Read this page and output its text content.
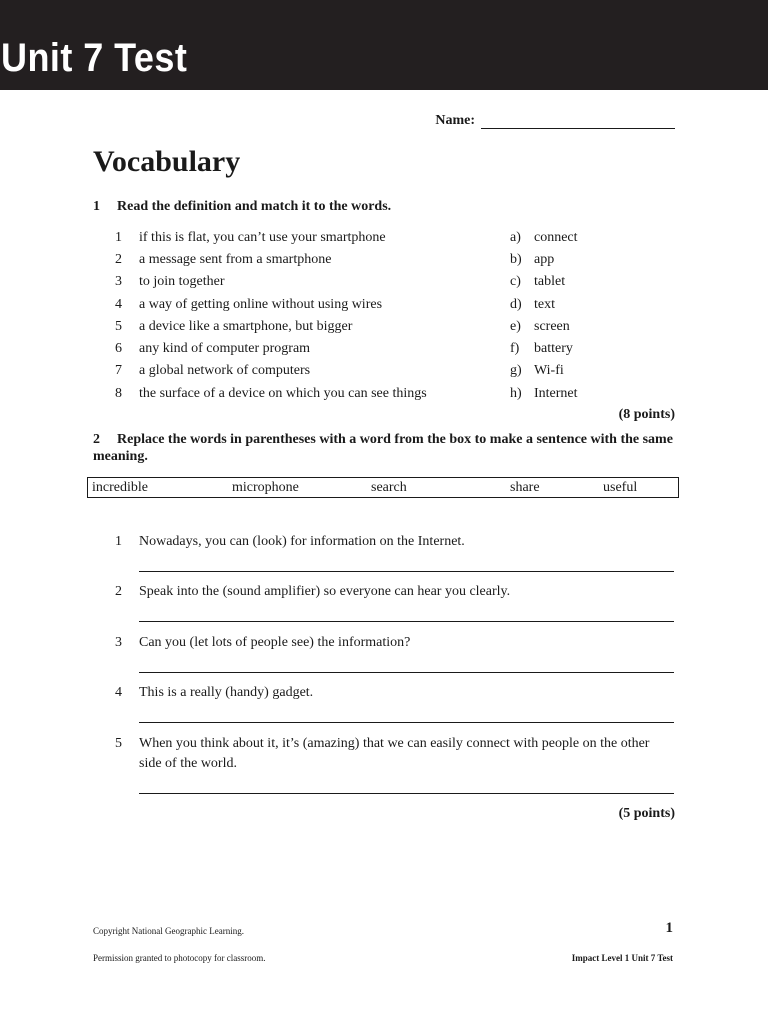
Unit 7 Test
Name:
Vocabulary
1 Read the definition and match it to the words.
1 if this is flat, you can’t use your smartphone	a) connect
2 a message sent from a smartphone	b) app
3 to join together	c) tablet
4 a way of getting online without using wires	d) text
5 a device like a smartphone, but bigger	e) screen
6 any kind of computer program	f) battery
7 a global network of computers	g) Wi-fi
8 the surface of a device on which you can see things	h) Internet
(8 points)
2 Replace the words in parentheses with a word from the box to make a sentence with the same meaning.
incredible	microphone	search	share	useful
1 Nowadays, you can (look) for information on the Internet.
2 Speak into the (sound amplifier) so everyone can hear you clearly.
3 Can you (let lots of people see) the information?
4 This is a really (handy) gadget.
5 When you think about it, it’s (amazing) that we can easily connect with people on the other side of the world.
(5 points)
Copyright National Geographic Learning.	1
Permission granted to photocopy for classroom.	Impact Level 1 Unit 7 Test
